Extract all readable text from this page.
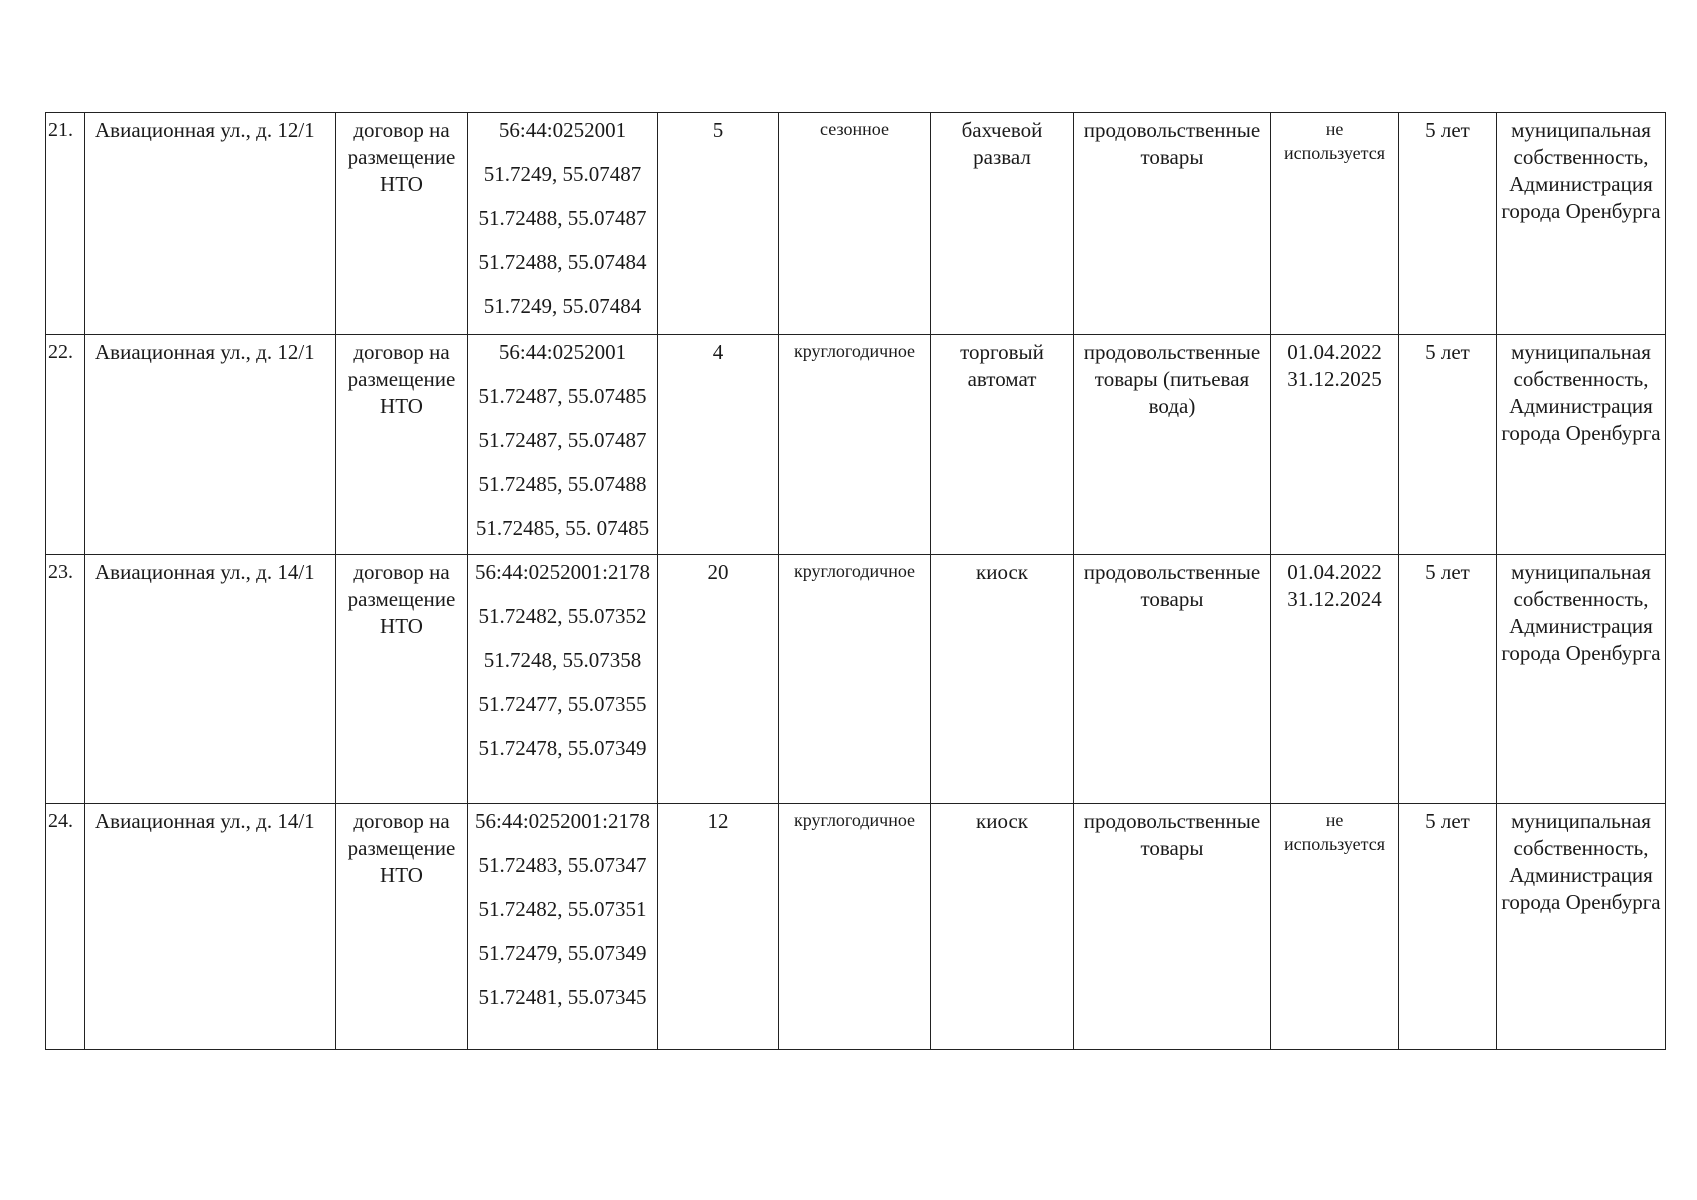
21.	Авиационная ул., д. 12/1	договор на размещение НТО	56:44:0252001
51.7249, 55.07487
51.72488, 55.07487
51.72488, 55.07484
51.7249, 55.07484	5	сезонное	бахчевой развал	продовольственные товары	не используется	5 лет	муниципальная собственность, Администрация города Оренбурга
22.	Авиационная ул., д. 12/1	договор на размещение НТО	56:44:0252001
51.72487, 55.07485
51.72487, 55.07487
51.72485, 55.07488
51.72485, 55. 07485	4	круглогодичное	торговый автомат	продовольственные товары (питьевая вода)	01.04.2022 31.12.2025	5 лет	муниципальная собственность, Администрация города Оренбурга
23.	Авиационная ул., д. 14/1	договор на размещение НТО	56:44:0252001:2178
51.72482, 55.07352
51.7248, 55.07358
51.72477, 55.07355
51.72478, 55.07349	20	круглогодичное	киоск	продовольственные товары	01.04.2022 31.12.2024	5 лет	муниципальная собственность, Администрация города Оренбурга
24.	Авиационная ул., д. 14/1	договор на размещение НТО	56:44:0252001:2178
51.72483, 55.07347
51.72482, 55.07351
51.72479, 55.07349
51.72481, 55.07345	12	круглогодичное	киоск	продовольственные товары	не используется	5 лет	муниципальная собственность, Администрация города Оренбурга
